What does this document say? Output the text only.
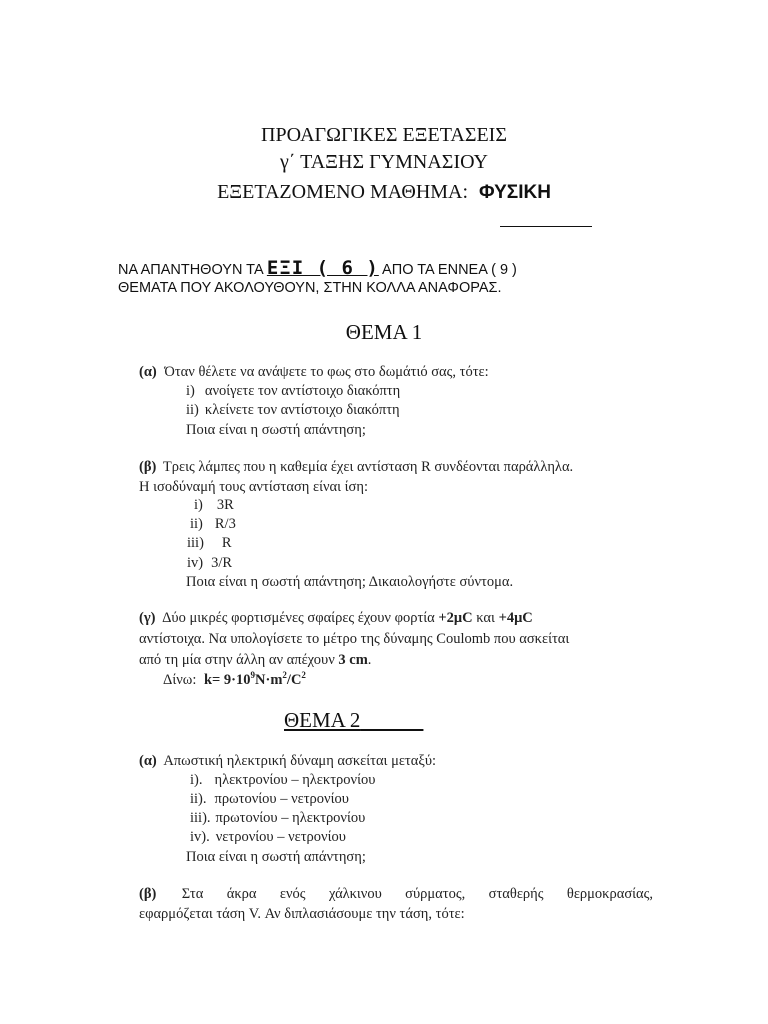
ΠΡΟΑΓΩΓΙΚΕΣ ΕΞΕΤΑΣΕΙΣ
γ΄ ΤΑΞΗΣ ΓΥΜΝΑΣΙΟΥ
ΕΞΕΤΑΖΟΜΕΝΟ ΜΑΘΗΜΑ: ΦΥΣΙΚΗ
ΝΑ ΑΠΑΝΤΗΘΟΥΝ ΤΑ ΕΞΙ ( 6 ) ΑΠΟ ΤΑ ΕΝΝΕΑ ( 9 )
ΘΕΜΑΤΑ ΠΟΥ ΑΚΟΛΟΥΘΟΥΝ, ΣΤΗΝ ΚΟΛΛΑ ΑΝΑΦΟΡΑΣ.
ΘΕΜΑ 1
(α) Όταν θέλετε να ανάψετε το φως στο δωμάτιό σας, τότε:
i) ανοίγετε τον αντίστοιχο διακόπτη
ii) κλείνετε τον αντίστοιχο διακόπτη
Ποια είναι η σωστή απάντηση;
(β) Τρεις λάμπες που η καθεμία έχει αντίσταση R συνδέονται παράλληλα.
Η ισοδύναμή τους αντίσταση είναι ίση:
i) 3R
ii) R/3
iii) R
iv) 3/R
Ποια είναι η σωστή απάντηση; Δικαιολογήστε σύντομα.
(γ) Δύο μικρές φορτισμένες σφαίρες έχουν φορτία +2μC και +4μC
αντίστοιχα. Να υπολογίσετε το μέτρο της δύναμης Coulomb που ασκείται
από τη μία στην άλλη αν απέχουν 3 cm.
Δίνω: $k= 9\cdot 10^9N\cdot m^2/C^2$
ΘΕΜΑ 2
(α) Απωστική ηλεκτρική δύναμη ασκείται μεταξύ:
i). ηλεκτρονίου – ηλεκτρονίου
ii). πρωτονίου – νετρονίου
iii). πρωτονίου – ηλεκτρονίου
iv). νετρονίου – νετρονίου
Ποια είναι η σωστή απάντηση;
(β) Στα άκρα ενός χάλκινου σύρματος, σταθερής θερμοκρασίας,
εφαρμόζεται τάση V. Αν διπλασιάσουμε την τάση, τότε:
